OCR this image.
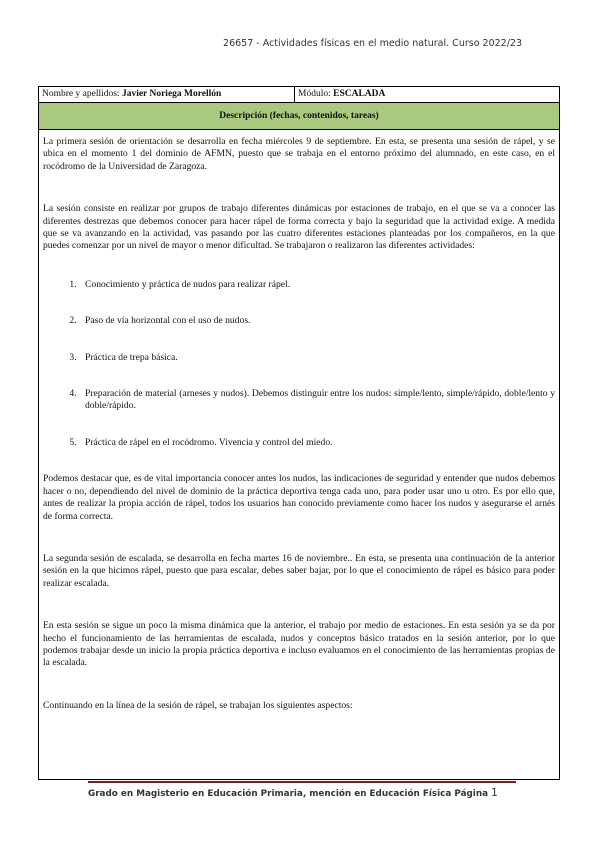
26657 - Actividades físicas en el medio natural. Curso 2022/23
Nombre y apellidos: Javier Noriega Morellón	Módulo: ESCALADA
Descripción (fechas, contenidos, tareas)

La primera sesión de orientación se desarrolla en fecha miércoles 9 de septiembre. En esta, se presenta una sesión de rápel, y se ubica en el momento 1 del dominio de AFMN, puesto que se trabaja en el entorno próximo del alumnado, en este caso, en el rocódromo de la Universidad de Zaragoza.

La sesión consiste en realizar por grupos de trabajo diferentes dinámicas por estaciones de trabajo, en el que se va a conocer las diferentes destrezas que debemos conocer para hacer rápel de forma correcta y bajo la seguridad que la actividad exige. A medida que se va avanzando en la actividad, vas pasando por las cuatro diferentes estaciones planteadas por los compañeros, en la que puedes comenzar por un nivel de mayor o menor dificultad. Se trabajaron o realizaron las diferentes actividades:

1. Conocimiento y práctica de nudos para realizar rápel.
2. Paso de vía horizontal con el uso de nudos.
3. Práctica de trepa básica.
4. Preparación de material (arneses y nudos). Debemos distinguir entre los nudos: simple/lento, simple/rápido, doble/lento y doble/rápido.
5. Práctica de rápel en el rocódromo. Vivencia y control del miedo.

Podemos destacar que, es de vital importancia conocer antes los nudos, las indicaciones de seguridad y entender que nudos debemos hacer o no, dependiendo del nivel de dominio de la práctica deportiva tenga cada uno, para poder usar uno u otro. Es por ello que, antes de realizar la propia acción de rápel, todos los usuarios han conocido previamente como hacer los nudos y asegurarse el arnés de forma correcta.

La segunda sesión de escalada, se desarrolla en fecha martes 16 de noviembre.. En esta, se presenta una continuación de la anterior sesión en la que hicimos rápel, puesto que para escalar, debes saber bajar, por lo que el conocimiento de rápel es básico para poder realizar escalada.

En esta sesión se sigue un poco la misma dinámica que la anterior, el trabajo por medio de estaciones. En esta sesión ya se da por hecho el funcionamiento de las herramientas de escalada, nudos y conceptos básico tratados en la sesión anterior, por lo que podemos trabajar desde un inicio la propia práctica deportiva e incluso evaluamos en el conocimiento de las herramientas propias de la escalada.

Continuando en la línea de la sesión de rápel, se trabajan los siguientes aspectos:

Grado en Magisterio en Educación Primaria, mención en Educación Física Página 1
